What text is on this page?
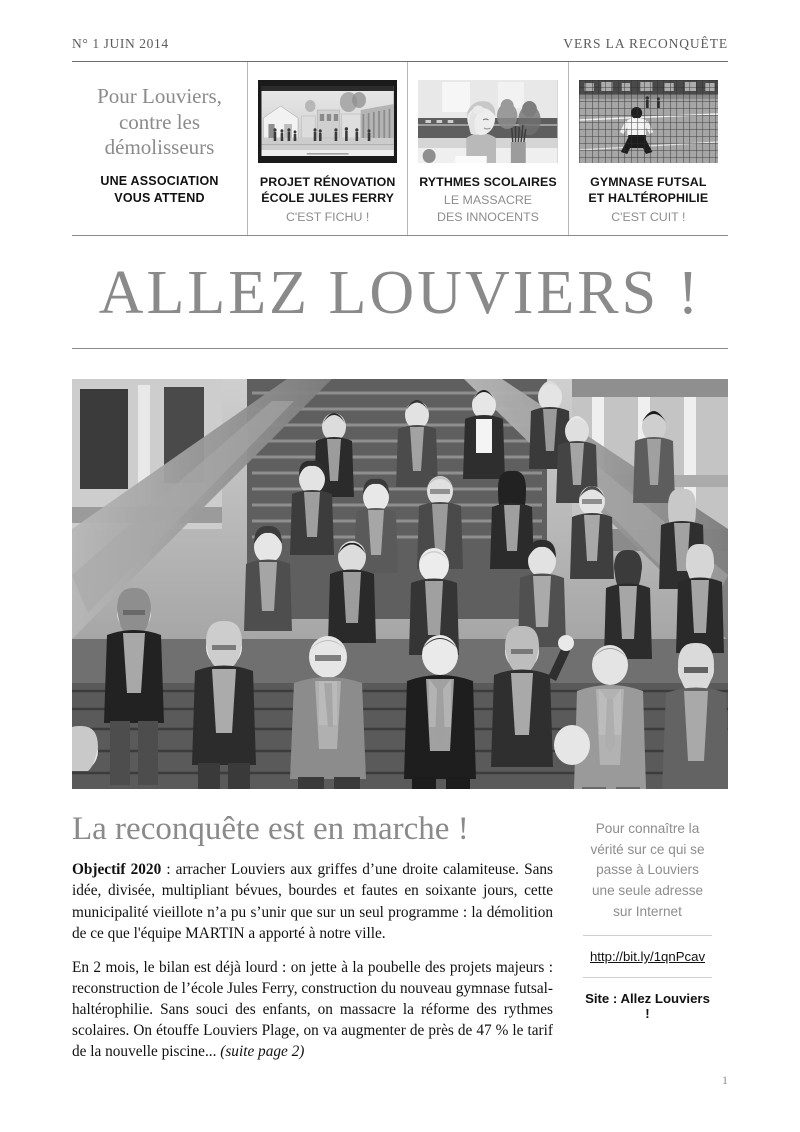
N° 1 JUIN 2014	VERS LA RECONQUÊTE
Pour Louviers,
contre les
démolisseurs
UNE ASSOCIATION
VOUS ATTEND
PROJET RÉNOVATION
ÉCOLE JULES FERRY
C'EST FICHU !
RYTHMES SCOLAIRES
LE MASSACRE
DES INNOCENTS
GYMNASE FUTSAL
ET HALTÉROPHILIE
C'EST CUIT !
ALLEZ LOUVIERS !
La reconquête est en marche !

Objectif 2020 : arracher Louviers aux griffes d’une droite calamiteuse. Sans idée, divisée, multipliant bévues, bourdes et fautes en soixante jours, cette municipalité vieillote n’a pu s’unir que sur un seul programme : la démolition de ce que l'équipe MARTIN a apporté à notre ville.

En 2 mois, le bilan est déjà lourd : on jette à la poubelle des projets majeurs : reconstruction de l’école Jules Ferry, construction du nouveau gymnase futsal-haltérophilie. Sans souci des enfants, on massacre la réforme des rythmes scolaires. On étouffe Louviers Plage, on va augmenter de près de 47 % le tarif de la nouvelle piscine... (suite page 2)

Pour connaître la vérité sur ce qui se passe à Louviers une seule adresse sur Internet

http://bit.ly/1qnPcav
Site : Allez Louviers !
1
